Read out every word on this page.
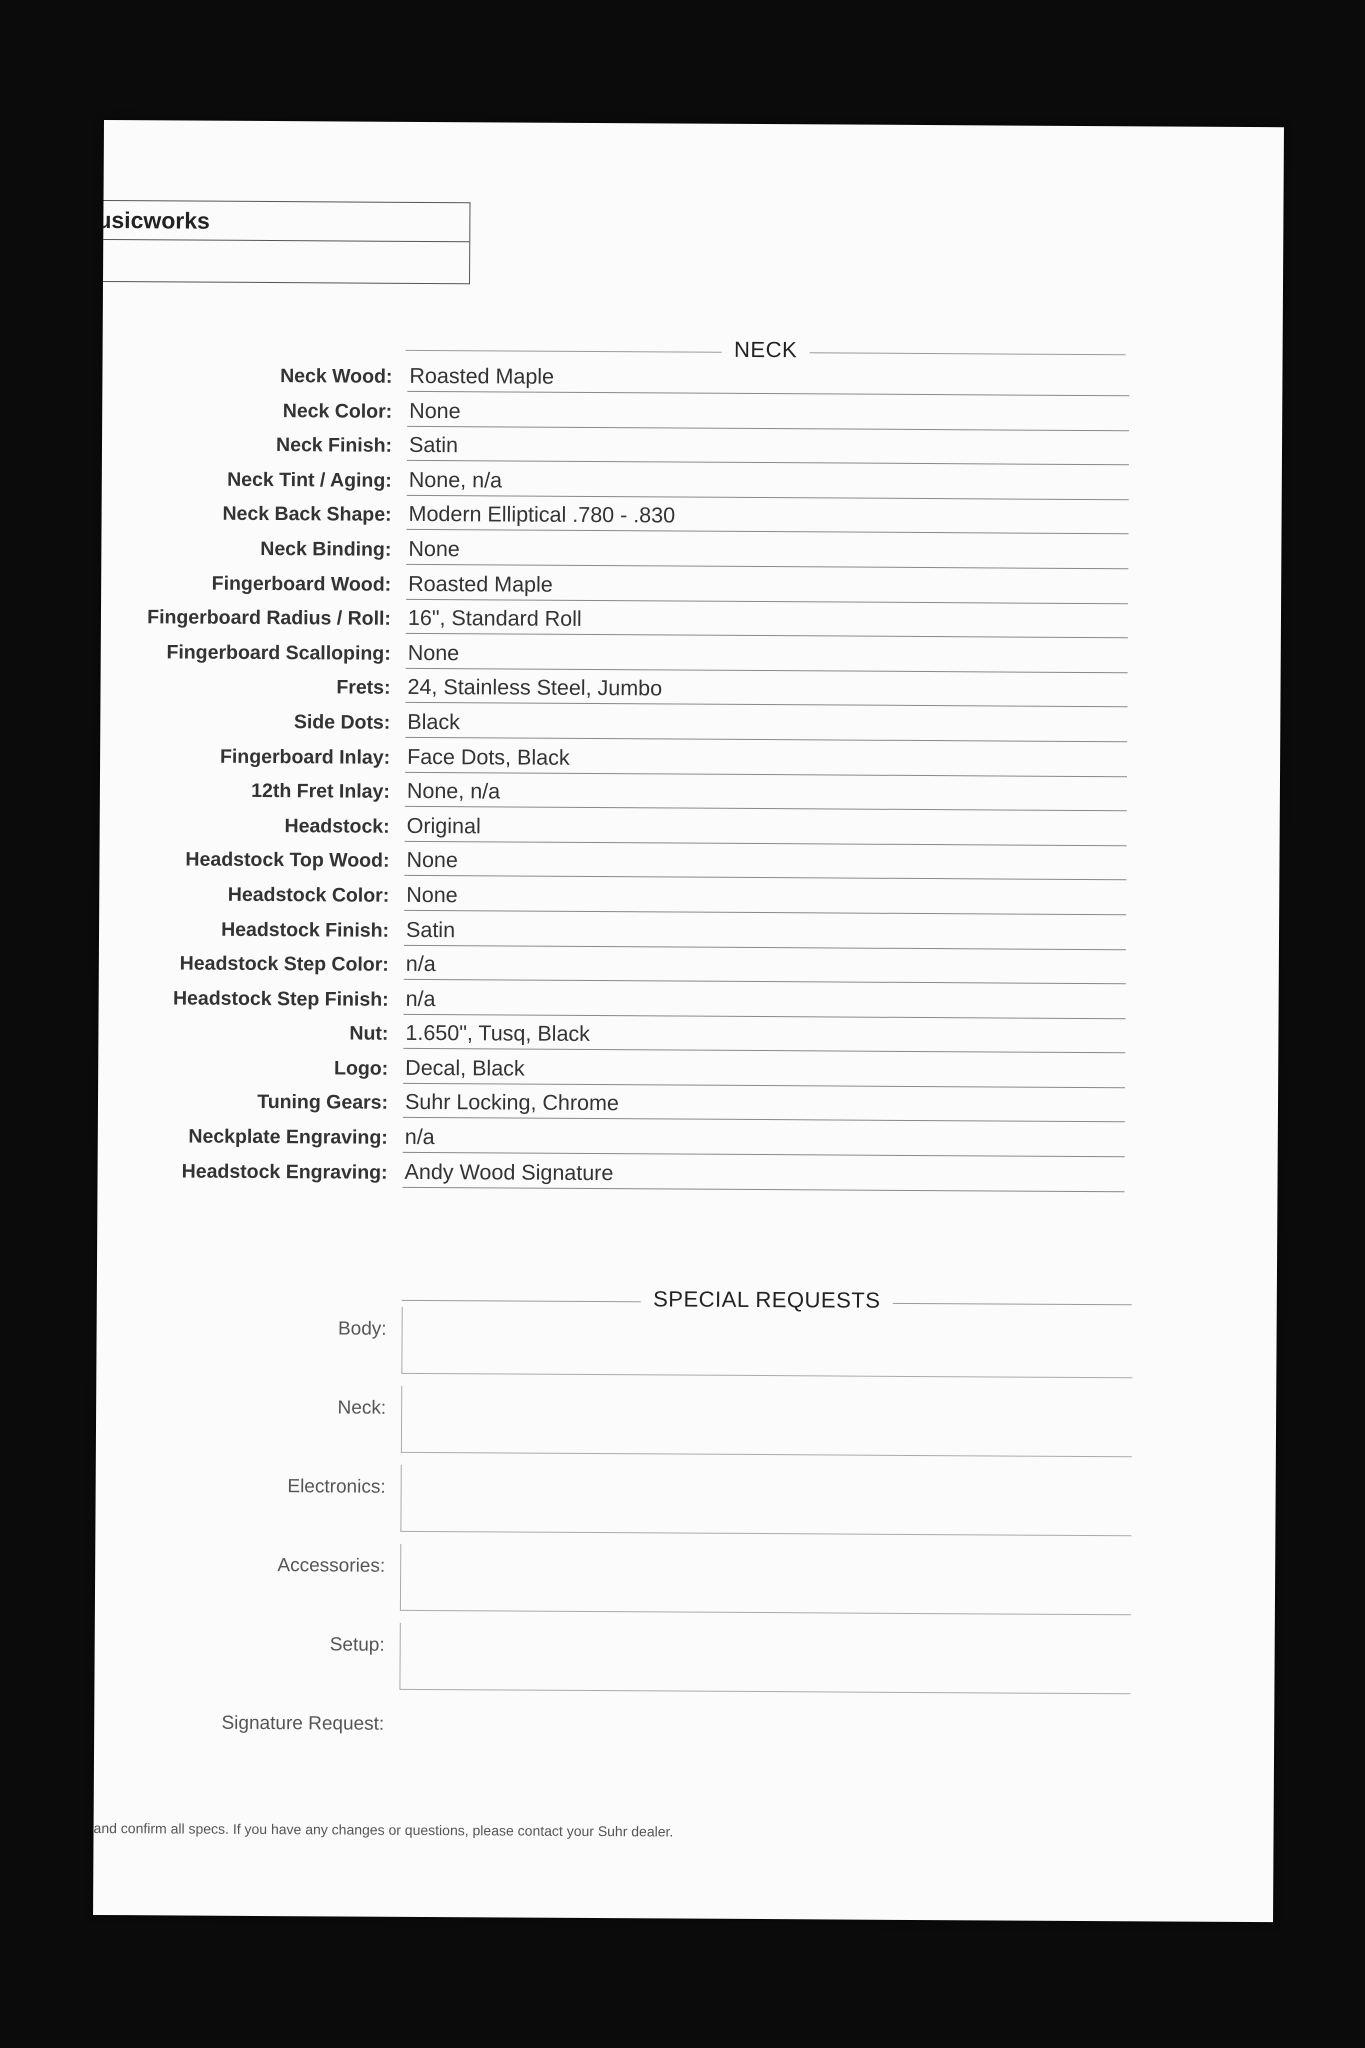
usicworks
NECK
Neck Wood: Roasted Maple
Neck Color: None
Neck Finish: Satin
Neck Tint / Aging: None, n/a
Neck Back Shape: Modern Elliptical .780 - .830
Neck Binding: None
Fingerboard Wood: Roasted Maple
Fingerboard Radius / Roll: 16", Standard Roll
Fingerboard Scalloping: None
Frets: 24, Stainless Steel, Jumbo
Side Dots: Black
Fingerboard Inlay: Face Dots, Black
12th Fret Inlay: None, n/a
Headstock: Original
Headstock Top Wood: None
Headstock Color: None
Headstock Finish: Satin
Headstock Step Color: n/a
Headstock Step Finish: n/a
Nut: 1.650", Tusq, Black
Logo: Decal, Black
Tuning Gears: Suhr Locking, Chrome
Neckplate Engraving: n/a
Headstock Engraving: Andy Wood Signature
SPECIAL REQUESTS
Body:
Neck:
Electronics:
Accessories:
Setup:
Signature Request:
and confirm all specs. If you have any changes or questions, please contact your Suhr dealer.
